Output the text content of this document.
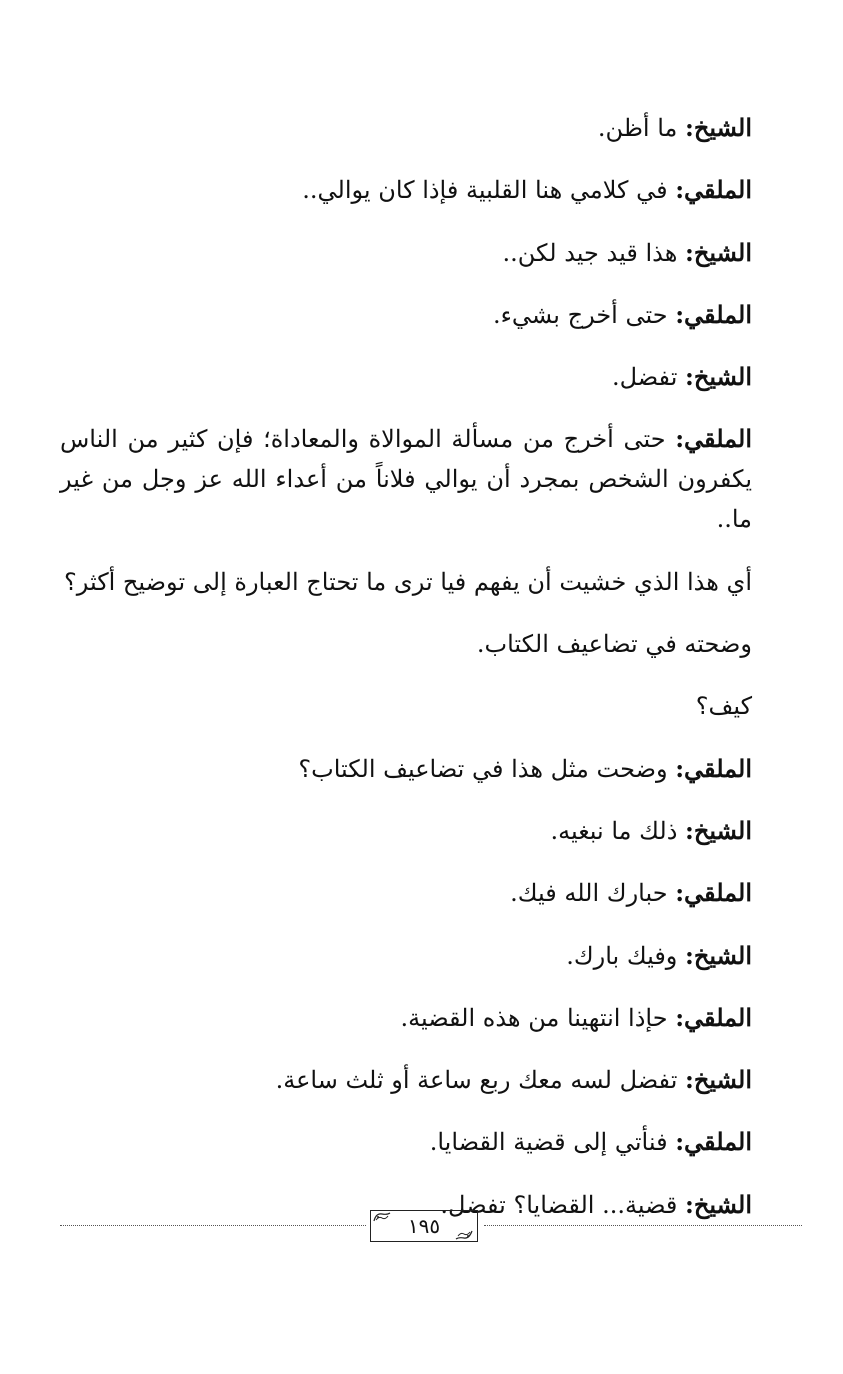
الشيخ: ما أظن.

الملقي: في كلامي هنا القلبية فإذا كان يوالي..

الشيخ: هذا قيد جيد لكن..

الملقي: حتى أخرج بشيء.

الشيخ: تفضل.

الملقي: حتى أخرج من مسألة الموالاة والمعاداة؛ فإن كثير من الناس يكفرون الشخص بمجرد أن يوالي فلاناً من أعداء الله عز وجل من غير ما..

أي هذا الذي خشيت أن يفهم فيا ترى ما تحتاج العبارة إلى توضيح أكثر؟

وضحته في تضاعيف الكتاب.

كيف؟

الملقي: وضحت مثل هذا في تضاعيف الكتاب؟

الشيخ: ذلك ما نبغيه.

الملقي: حبارك الله فيك.

الشيخ: وفيك بارك.

الملقي: حإذا انتهينا من هذه القضية.

الشيخ: تفضل لسه معك ربع ساعة أو ثلث ساعة.

الملقي: فنأتي إلى قضية القضايا.

الشيخ: قضية... القضايا؟ تفضل.

١٩٥
